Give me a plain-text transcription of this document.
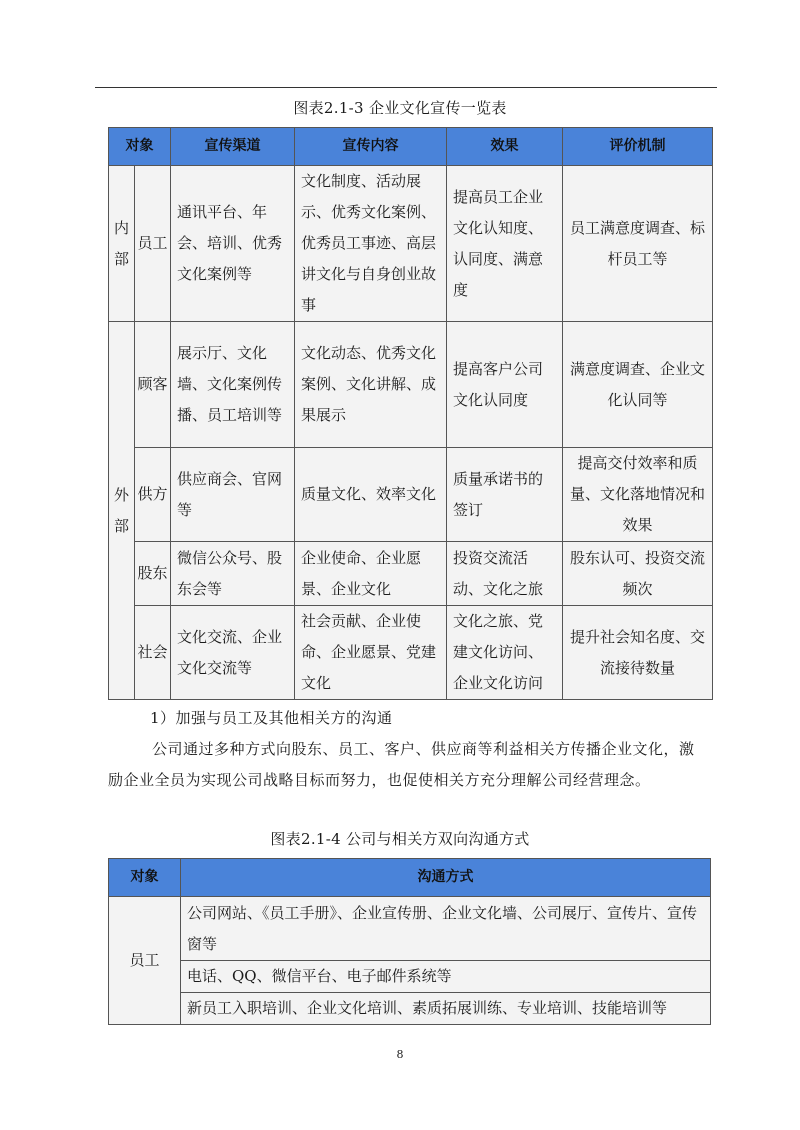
图表2.1-3 企业文化宣传一览表
对象		宣传渠道	宣传内容	效果	评价机制
内部	员工	通讯平台、年会、培训、优秀文化案例等	文化制度、活动展示、优秀文化案例、优秀员工事迹、高层讲文化与自身创业故事	提高员工企业文化认知度、认同度、满意度	员工满意度调查、标杆员工等
外部	顾客	展示厅、文化墙、文化案例传播、员工培训等	文化动态、优秀文化案例、文化讲解、成果展示	提高客户公司文化认同度	满意度调查、企业文化认同等
	供方	供应商会、官网等	质量文化、效率文化	质量承诺书的签订	提高交付效率和质量、文化落地情况和效果
	股东	微信公众号、股东会等	企业使命、企业愿景、企业文化	投资交流活动、文化之旅	股东认可、投资交流频次
	社会	文化交流、企业文化交流等	社会贡献、企业使命、企业愿景、党建文化	文化之旅、党建文化访问、企业文化访问	提升社会知名度、交流接待数量
1）加强与员工及其他相关方的沟通
公司通过多种方式向股东、员工、客户、供应商等利益相关方传播企业文化，激励企业全员为实现公司战略目标而努力，也促使相关方充分理解公司经营理念。
图表2.1-4 公司与相关方双向沟通方式
对象	沟通方式
员工	公司网站、《员工手册》、企业宣传册、企业文化墙、公司展厅、宣传片、宣传窗等
	电话、QQ、微信平台、电子邮件系统等
	新员工入职培训、企业文化培训、素质拓展训练、专业培训、技能培训等
8
